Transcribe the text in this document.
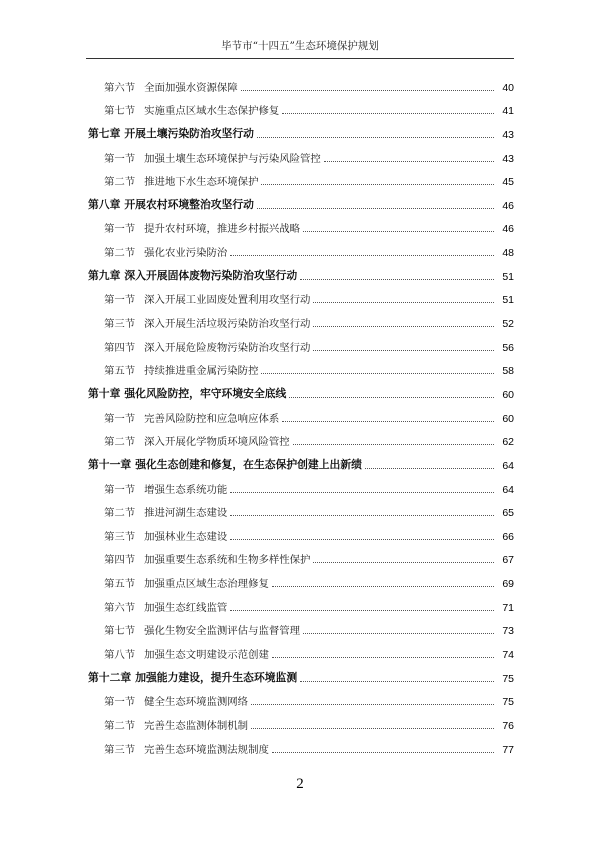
毕节市“十四五”生态环境保护规划
第六节 全面加强水资源保障	40
第七节 实施重点区域水生态保护修复	41
第七章 开展土壤污染防治攻坚行动	43
第一节 加强土壤生态环境保护与污染风险管控	43
第二节 推进地下水生态环境保护	45
第八章 开展农村环境整治攻坚行动	46
第一节 提升农村环境，推进乡村振兴战略	46
第二节 强化农业污染防治	48
第九章 深入开展固体废物污染防治攻坚行动	51
第一节 深入开展工业固废处置利用攻坚行动	51
第三节 深入开展生活垃圾污染防治攻坚行动	52
第四节 深入开展危险废物污染防治攻坚行动	56
第五节 持续推进重金属污染防控	58
第十章 强化风险防控，牢守环境安全底线	60
第一节 完善风险防控和应急响应体系	60
第二节 深入开展化学物质环境风险管控	62
第十一章 强化生态创建和修复，在生态保护创建上出新绩	64
第一节 增强生态系统功能	64
第二节 推进河湖生态建设	65
第三节 加强林业生态建设	66
第四节 加强重要生态系统和生物多样性保护	67
第五节 加强重点区域生态治理修复	69
第六节 加强生态红线监管	71
第七节 强化生物安全监测评估与监督管理	73
第八节 加强生态文明建设示范创建	74
第十二章 加强能力建设，提升生态环境监测	75
第一节 健全生态环境监测网络	75
第二节 完善生态监测体制机制	76
第三节 完善生态环境监测法规制度	77
2
